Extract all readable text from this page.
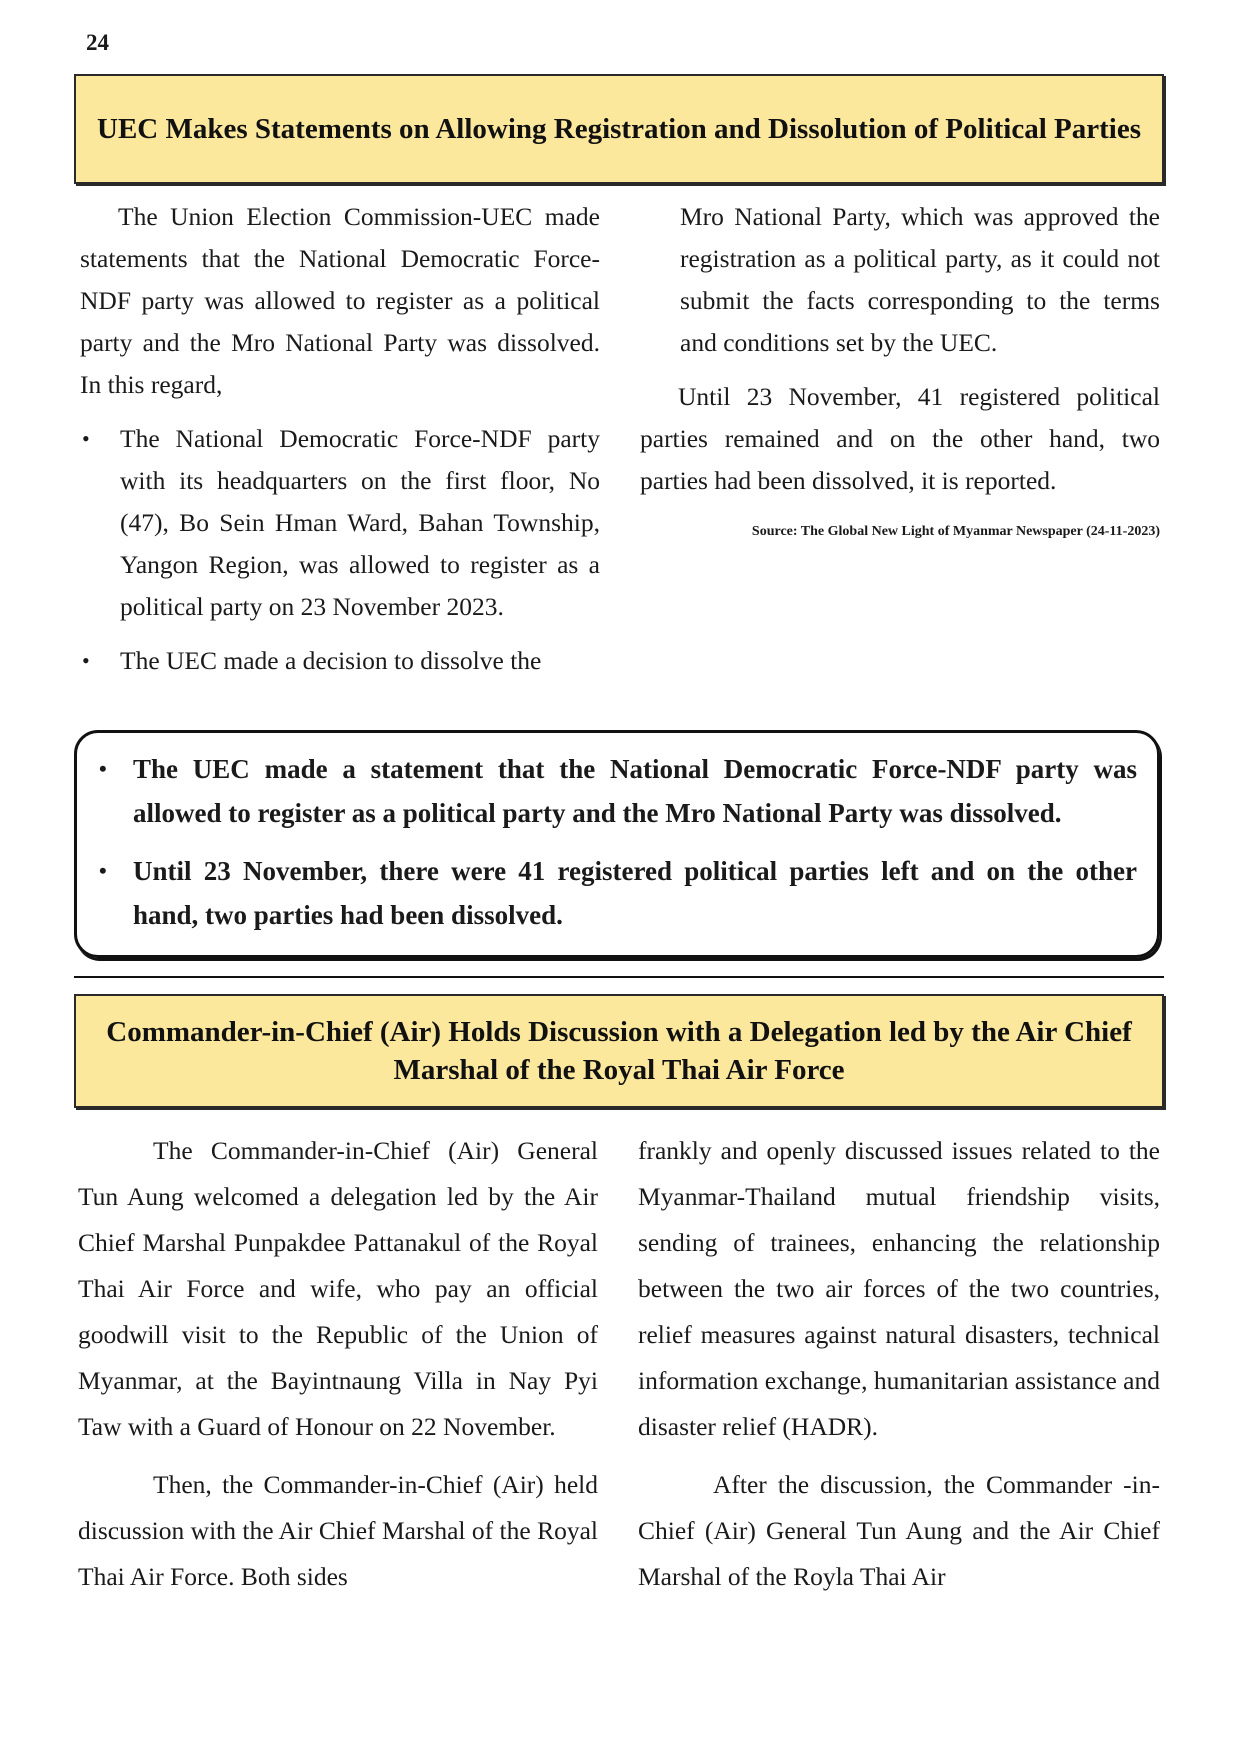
24
UEC Makes Statements on Allowing Registration and Dissolution of Political Parties

The Union Election Commission-UEC made statements that the National Democratic Force-NDF party was allowed to register as a political party and the Mro National Party was dissolved. In this regard,

• The National Democratic Force-NDF party with its headquarters on the first floor, No (47), Bo Sein Hman Ward, Bahan Township, Yangon Region, was allowed to register as a political party on 23 November 2023.
• The UEC made a decision to dissolve the

Mro National Party, which was approved the registration as a political party, as it could not submit the facts corresponding to the terms and conditions set by the UEC.

Until 23 November, 41 registered political parties remained and on the other hand, two parties had been dissolved, it is reported.

Source: The Global New Light of Myanmar Newspaper (24-11-2023)

• The UEC made a statement that the National Democratic Force-NDF party was allowed to register as a political party and the Mro National Party was dissolved.
• Until 23 November, there were 41 registered political parties left and on the other hand, two parties had been dissolved.
Commander-in-Chief (Air) Holds Discussion with a Delegation led by the Air Chief Marshal of the Royal Thai Air Force

The Commander-in-Chief (Air) General Tun Aung welcomed a delegation led by the Air Chief Marshal Punpakdee Pattanakul of the Royal Thai Air Force and wife, who pay an official goodwill visit to the Republic of the Union of Myanmar, at the Bayintnaung Villa in Nay Pyi Taw with a Guard of Honour on 22 November.

Then, the Commander-in-Chief (Air) held discussion with the Air Chief Marshal of the Royal Thai Air Force. Both sides

frankly and openly discussed issues related to the Myanmar-Thailand mutual friendship visits, sending of trainees, enhancing the relationship between the two air forces of the two countries, relief measures against natural disasters, technical information exchange, humanitarian assistance and disaster relief (HADR).

After the discussion, the Commander -in-Chief (Air) General Tun Aung and the Air Chief Marshal of the Royla Thai Air
